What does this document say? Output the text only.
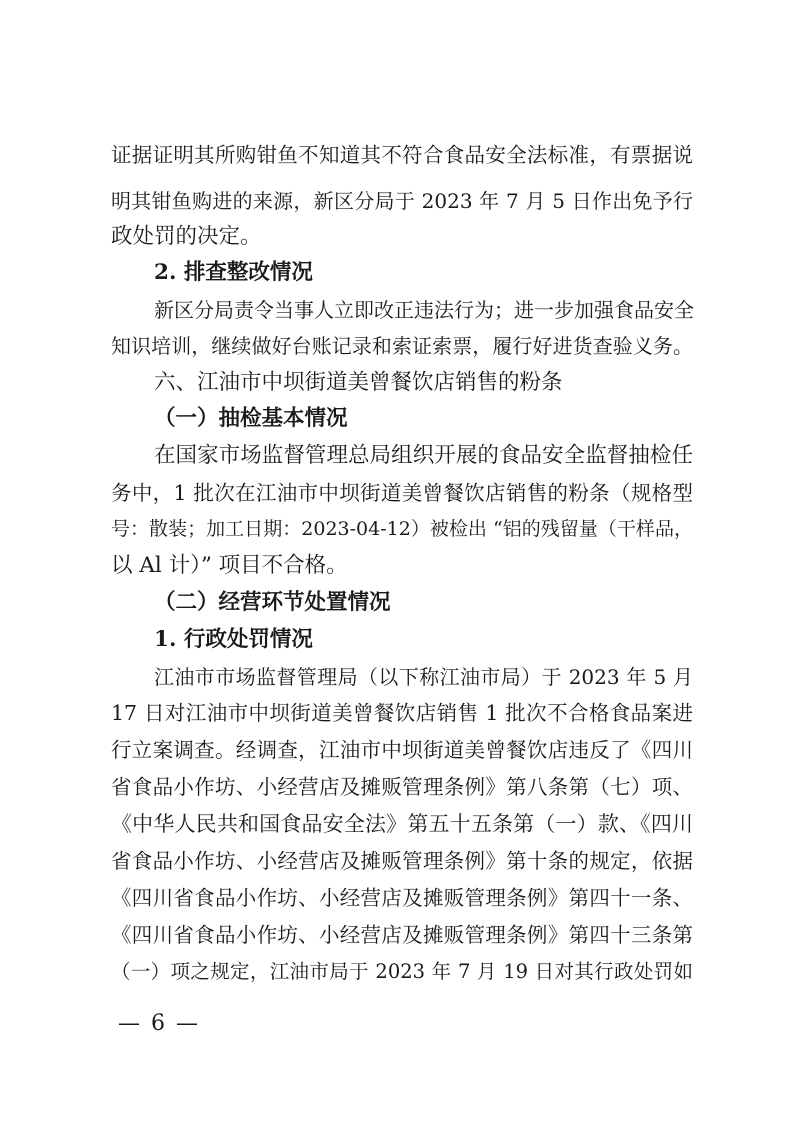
证据证明其所购钳鱼不知道其不符合食品安全法标准，有票据说
明其钳鱼购进的来源，新区分局于 2023 年 7 月 5 日作出免予行
政处罚的决定。
2. 排查整改情况
新区分局责令当事人立即改正违法行为；进一步加强食品安全
知识培训，继续做好台账记录和索证索票，履行好进货查验义务。
六、江油市中坝街道美曾餐饮店销售的粉条
（一）抽检基本情况
在国家市场监督管理总局组织开展的食品安全监督抽检任
务中，1 批次在江油市中坝街道美曾餐饮店销售的粉条（规格型
号：散装；加工日期：2023-04-12）被检出 “铝的残留量（干样品，
以 Al 计）” 项目不合格。
（二）经营环节处置情况
1. 行政处罚情况
江油市市场监督管理局（以下称江油市局）于 2023 年 5 月
17 日对江油市中坝街道美曾餐饮店销售 1 批次不合格食品案进
行立案调查。经调查，江油市中坝街道美曾餐饮店违反了《四川
省食品小作坊、小经营店及摊贩管理条例》第八条第（七）项、
《中华人民共和国食品安全法》第五十五条第（一）款、《四川
省食品小作坊、小经营店及摊贩管理条例》第十条的规定，依据
《四川省食品小作坊、小经营店及摊贩管理条例》第四十一条、
《四川省食品小作坊、小经营店及摊贩管理条例》第四十三条第
（一）项之规定，江油市局于 2023 年 7 月 19 日对其行政处罚如
— 6 —
